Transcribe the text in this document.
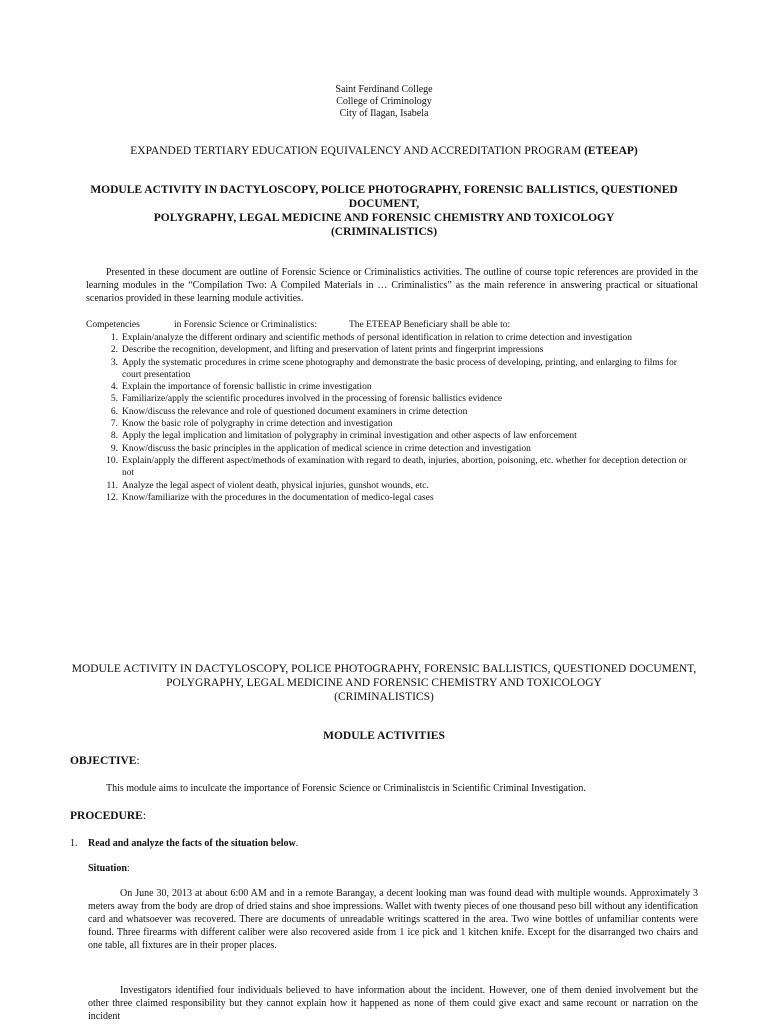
Saint Ferdinand College
College of Criminology
City of Ilagan, Isabela
EXPANDED TERTIARY EDUCATION EQUIVALENCY AND ACCREDITATION PROGRAM (ETEEAP)
MODULE ACTIVITY IN DACTYLOSCOPY, POLICE PHOTOGRAPHY, FORENSIC BALLISTICS, QUESTIONED DOCUMENT,
POLYGRAPHY, LEGAL MEDICINE AND FORENSIC CHEMISTRY AND TOXICOLOGY
(CRIMINALISTICS)

Presented in these document are outline of Forensic Science or Criminalistics activities. The outline of course topic references are provided in the learning modules in the “Compilation Two: A Compiled Materials in … Criminalistics” as the main reference in answering practical or situational scenarios provided in these learning module activities.

Competencies	in Forensic Science or Criminalistics:	The ETEEAP Beneficiary shall be able to:
1. Explain/analyze the different ordinary and scientific methods of personal identification in relation to crime detection and investigation
2. Describe the recognition, development, and lifting and preservation of latent prints and fingerprint impressions
3. Apply the systematic procedures in crime scene photography and demonstrate the basic process of developing, printing, and enlarging to films for court presentation
4. Explain the importance of forensic ballistic in crime investigation
5. Familiarize/apply the scientific procedures involved in the processing of forensic ballistics evidence
6. Know/discuss the relevance and role of questioned document examiners in crime detection
7. Know the basic role of polygraphy in crime detection and investigation
8. Apply the legal implication and limitation of polygraphy in criminal investigation and other aspects of law enforcement
9. Know/discuss the basic principles in the application of medical science in crime detection and investigation
10. Explain/apply the different aspect/methods of examination with regard to death, injuries, abortion, poisoning, etc. whether for deception detection or not
11. Analyze the legal aspect of violent death, physical injuries, gunshot wounds, etc.
12. Know/familiarize with the procedures in the documentation of medico-legal cases
MODULE ACTIVITY IN DACTYLOSCOPY, POLICE PHOTOGRAPHY, FORENSIC BALLISTICS, QUESTIONED DOCUMENT,
POLYGRAPHY, LEGAL MEDICINE AND FORENSIC CHEMISTRY AND TOXICOLOGY
(CRIMINALISTICS)
MODULE ACTIVITIES
OBJECTIVE:
This module aims to inculcate the importance of Forensic Science or Criminalistcis in Scientific Criminal Investigation.
PROCEDURE:
1. Read and analyze the facts of the situation below.
Situation:

On June 30, 2013 at about 6:00 AM and in a remote Barangay, a decent looking man was found dead with multiple wounds. Approximately 3 meters away from the body are drop of dried stains and shoe impressions. Wallet with twenty pieces of one thousand peso bill without any identification card and whatsoever was recovered. There are documents of unreadable writings scattered in the area. Two wine bottles of unfamiliar contents were found. Three firearms with different caliber were also recovered aside from 1 ice pick and 1 kitchen knife. Except for the disarranged two chairs and one table, all fixtures are in their proper places.

Investigators identified four individuals believed to have information about the incident. However, one of them denied involvement but the other three claimed responsibility but they cannot explain how it happened as none of them could give exact and same recount or narration on the incident
